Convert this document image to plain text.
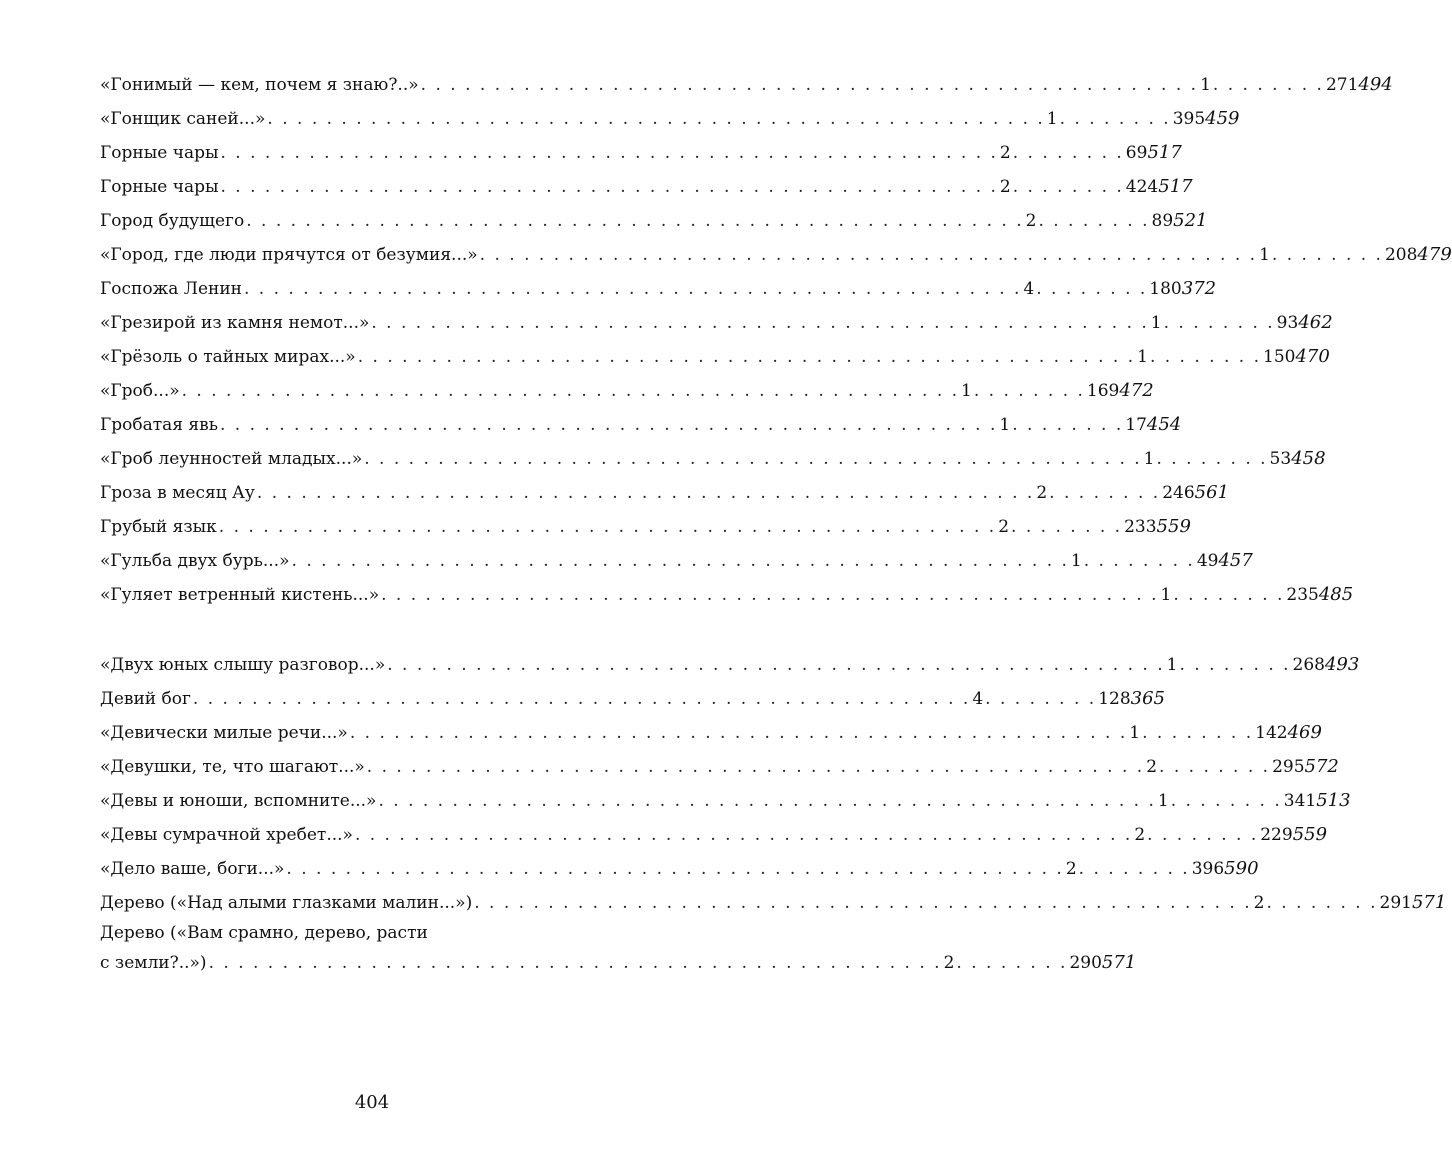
«Гонимый — кем, почем я знаю?..» . . . . . . . . . . . . . . . . . . . . . . . . . . . . . . . . . . . . . . . . . . . . . . . . . . . . . 1 . . . . . . . . 271 494
«Гонщик саней...» . . . . . . . . . . . . . . . . . . . . . . . . . . . . . . . . . . . . . . . . . . . . . . . . . . . . . 1 . . . . . . . . 395 459
Горные чары . . . . . . . . . . . . . . . . . . . . . . . . . . . . . . . . . . . . . . . . . . . . . . . . . . . . . 2 . . . . . . . . 69 517
Горные чары . . . . . . . . . . . . . . . . . . . . . . . . . . . . . . . . . . . . . . . . . . . . . . . . . . . . . 2 . . . . . . . . 424 517
Город будущего . . . . . . . . . . . . . . . . . . . . . . . . . . . . . . . . . . . . . . . . . . . . . . . . . . . . . 2 . . . . . . . . 89 521
«Город, где люди прячутся от безумия...» . . . . . . . . . . . . . . . . . . . . . . . . . . . . . . . . . . . . . . . . . . . . . . . . . . . . . 1 . . . . . . . . 208 479
Госпожа Ленин . . . . . . . . . . . . . . . . . . . . . . . . . . . . . . . . . . . . . . . . . . . . . . . . . . . . . 4 . . . . . . . . 180 372
«Грезирой из камня немот...» . . . . . . . . . . . . . . . . . . . . . . . . . . . . . . . . . . . . . . . . . . . . . . . . . . . . . 1 . . . . . . . . 93 462
«Грёзоль о тайных мирах...» . . . . . . . . . . . . . . . . . . . . . . . . . . . . . . . . . . . . . . . . . . . . . . . . . . . . . 1 . . . . . . . . 150 470
«Гроб...» . . . . . . . . . . . . . . . . . . . . . . . . . . . . . . . . . . . . . . . . . . . . . . . . . . . . . 1 . . . . . . . . 169 472
Гробатая явь . . . . . . . . . . . . . . . . . . . . . . . . . . . . . . . . . . . . . . . . . . . . . . . . . . . . . 1 . . . . . . . . 17 454
«Гроб леунностей младых...» . . . . . . . . . . . . . . . . . . . . . . . . . . . . . . . . . . . . . . . . . . . . . . . . . . . . . 1 . . . . . . . . 53 458
Гроза в месяц Ау . . . . . . . . . . . . . . . . . . . . . . . . . . . . . . . . . . . . . . . . . . . . . . . . . . . . . 2 . . . . . . . . 246 561
Грубый язык . . . . . . . . . . . . . . . . . . . . . . . . . . . . . . . . . . . . . . . . . . . . . . . . . . . . . 2 . . . . . . . . 233 559
«Гульба двух бурь...» . . . . . . . . . . . . . . . . . . . . . . . . . . . . . . . . . . . . . . . . . . . . . . . . . . . . . 1 . . . . . . . . 49 457
«Гуляет ветренный кистень...» . . . . . . . . . . . . . . . . . . . . . . . . . . . . . . . . . . . . . . . . . . . . . . . . . . . . . 1 . . . . . . . . 235 485
«Двух юных слышу разговор...» . . . . . . . . . . . . . . . . . . . . . . . . . . . . . . . . . . . . . . . . . . . . . . . . . . . . . 1 . . . . . . . . 268 493
Девий бог . . . . . . . . . . . . . . . . . . . . . . . . . . . . . . . . . . . . . . . . . . . . . . . . . . . . . 4 . . . . . . . . 128 365
«Девически милые речи...» . . . . . . . . . . . . . . . . . . . . . . . . . . . . . . . . . . . . . . . . . . . . . . . . . . . . . 1 . . . . . . . . 142 469
«Девушки, те, что шагают...» . . . . . . . . . . . . . . . . . . . . . . . . . . . . . . . . . . . . . . . . . . . . . . . . . . . . . 2 . . . . . . . . 295 572
«Девы и юноши, вспомните...» . . . . . . . . . . . . . . . . . . . . . . . . . . . . . . . . . . . . . . . . . . . . . . . . . . . . . 1 . . . . . . . . 341 513
«Девы сумрачной хребет...» . . . . . . . . . . . . . . . . . . . . . . . . . . . . . . . . . . . . . . . . . . . . . . . . . . . . . 2 . . . . . . . . 229 559
«Дело ваше, боги...» . . . . . . . . . . . . . . . . . . . . . . . . . . . . . . . . . . . . . . . . . . . . . . . . . . . . . 2 . . . . . . . . 396 590
Дерево («Над алыми глазками малин...») . . . . . . . . . . . . . . . . . . . . . . . . . . . . . . . . . . . . . . . . . . . . . . . . . . . . . 2 . . . . . . . . 291 571
Дерево («Вам срамно, дерево, расти
с земли?..») . . . . . . . . . . . . . . . . . . . . . . . . . . . . . . . . . . . . . . . . . . . . . . . . . . 2 . . . . . . . . 290 571
404
